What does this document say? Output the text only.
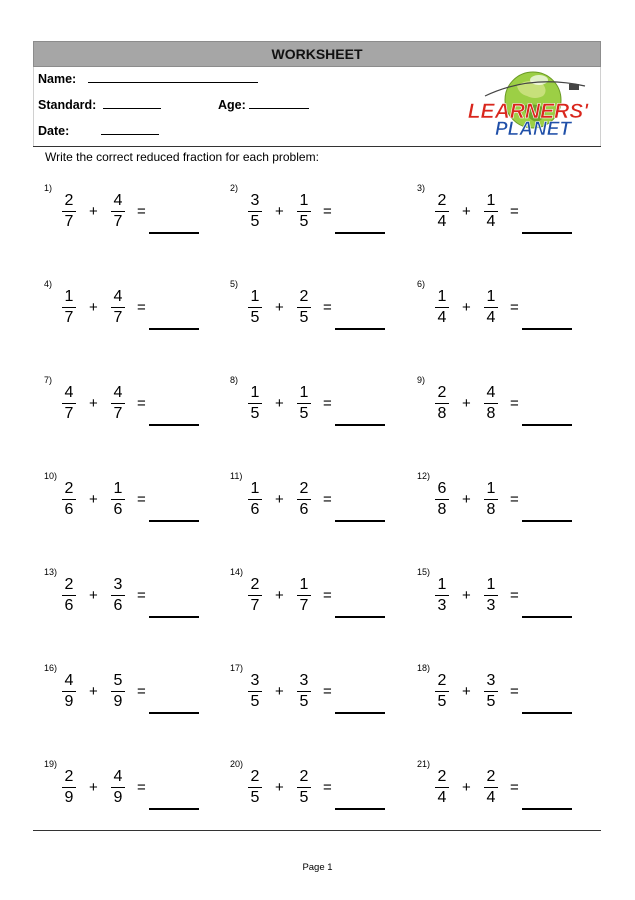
WORKSHEET
Name:
Standard:	Age:
Date:
LEARNERS'
PLANET
Write the correct reduced fraction for each problem:
1)
2
7
+
4
7
=
2)
3
5
+
1
5
=
3)
2
4
+
1
4
=
4)
1
7
+
4
7
=
5)
1
5
+
2
5
=
6)
1
4
+
1
4
=
7)
4
7
+
4
7
=
8)
1
5
+
1
5
=
9)
2
8
+
4
8
=
10)
2
6
+
1
6
=
11)
1
6
+
2
6
=
12)
6
8
+
1
8
=
13)
2
6
+
3
6
=
14)
2
7
+
1
7
=
15)
1
3
+
1
3
=
16)
4
9
+
5
9
=
17)
3
5
+
3
5
=
18)
2
5
+
3
5
=
19)
2
9
+
4
9
=
20)
2
5
+
2
5
=
21)
2
4
+
2
4
=
Page 1
